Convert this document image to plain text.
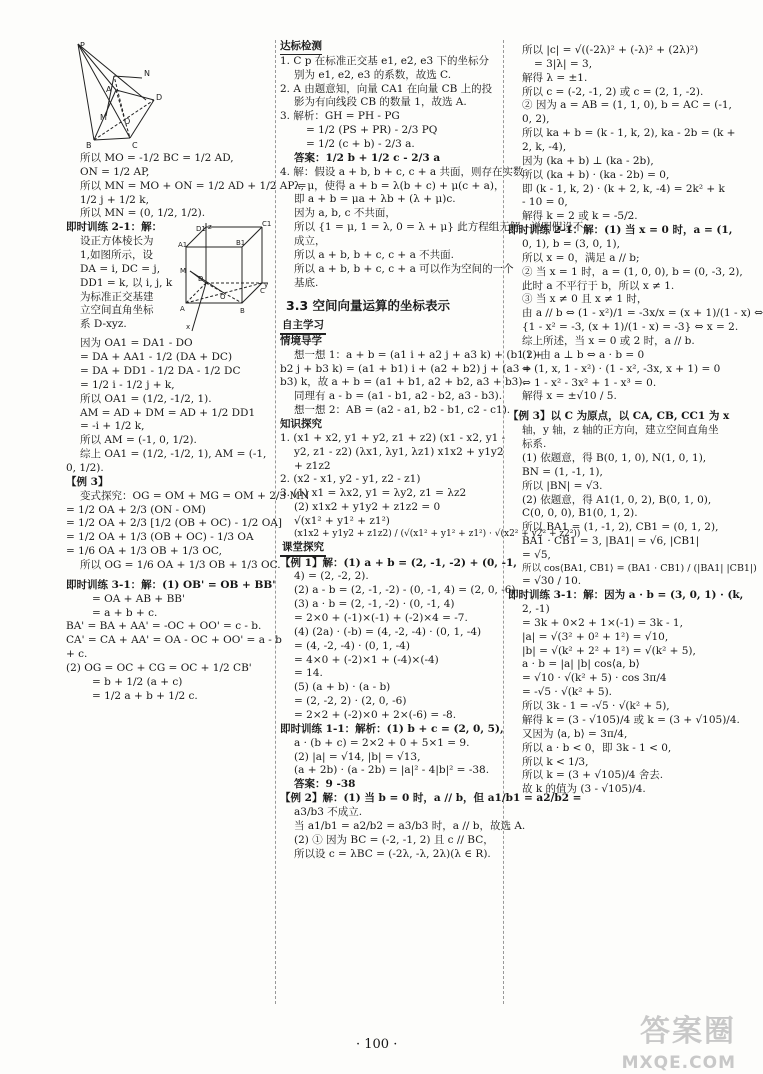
P
N
A
M
D
O
B	C
所以 MO = -1/2 BC = 1/2 AD,
ON = 1/2 AP,
所以 MN = MO + ON = 1/2 AD + 1/2 AP =
1/2 j + 1/2 k,
所以 MN = (0, 1/2, 1/2).
即时训练 2-1：解：
设正方体棱长为
1,如图所示，设
DA = i, DC = j,
DD1 = k, 以 i, j, k
为标准正交基建
立空间直角坐标
系 D-xyz.
D1
C1
A1	B1
M
D
C
y
x
O
A	B
z
因为 OA1 = DA1 - DO
= DA + AA1 - 1/2 (DA + DC)
= DA + DD1 - 1/2 DA - 1/2 DC
= 1/2 i - 1/2 j + k,
所以 OA1 = (1/2, -1/2, 1).
AM = AD + DM = AD + 1/2 DD1
= -i + 1/2 k,
所以 AM = (-1, 0, 1/2).
综上 OA1 = (1/2, -1/2, 1), AM = (-1,
0, 1/2).
【例 3】
变式探究：OG = OM + MG = OM + 2/3 MN
= 1/2 OA + 2/3 (ON - OM)
= 1/2 OA + 2/3 [1/2 (OB + OC) - 1/2 OA]
= 1/2 OA + 1/3 (OB + OC) - 1/3 OA
= 1/6 OA + 1/3 OB + 1/3 OC,
所以 OG = 1/6 OA + 1/3 OB + 1/3 OC.
即时训练 3-1：解：(1) OB' = OB + BB'
= OA + AB + BB'
= a + b + c.
BA' = BA + AA' = -OC + OO' = c - b.
CA' = CA + AA' = OA - OC + OO' = a - b
+ c.
(2) OG = OC + CG = OC + 1/2 CB'
= b + 1/2 (a + c)
= 1/2 a + b + 1/2 c.
达标检测
1. C p 在标准正交基 e1, e2, e3 下的坐标分
别为 e1, e2, e3 的系数，故选 C.
2. A 由题意知，向量 CA1 在向量 CB 上的投
影为有向线段 CB 的数量 1，故选 A.
3. 解析：GH = PH - PG
= 1/2 (PS + PR) - 2/3 PQ
= 1/2 (c + b) - 2/3 a.
答案：1/2 b + 1/2 c - 2/3 a
4. 解：假设 a + b, b + c, c + a 共面，则存在实数
λ, μ，使得 a + b = λ(b + c) + μ(c + a)，
即 a + b = μa + λb + (λ + μ)c.
因为 a, b, c 不共面，
所以 {1 = μ, 1 = λ, 0 = λ + μ} 此方程组无解，说明假设不
成立，
所以 a + b, b + c, c + a 不共面.
所以 a + b, b + c, c + a 可以作为空间的一个
基底.
3.3 空间向量运算的坐标表示
自主学习
情境导学
想一想 1：a + b = (a1 i + a2 j + a3 k) + (b1 i +
b2 j + b3 k) = (a1 + b1) i + (a2 + b2) j + (a3 +
b3) k，故 a + b = (a1 + b1, a2 + b2, a3 + b3).
同理有 a - b = (a1 - b1, a2 - b2, a3 - b3).
想一想 2：AB = (a2 - a1, b2 - b1, c2 - c1).
知识探究
1. (x1 + x2, y1 + y2, z1 + z2) (x1 - x2, y1 -
y2, z1 - z2) (λx1, λy1, λz1) x1x2 + y1y2
+ z1z2
2. (x2 - x1, y2 - y1, z2 - z1)
3. (1) x1 = λx2, y1 = λy2, z1 = λz2
(2) x1x2 + y1y2 + z1z2 = 0
√(x1² + y1² + z1²)
(x1x2 + y1y2 + z1z2) / (√(x1² + y1² + z1²) · √(x2² + y2² + z2²))
课堂探究
【例 1】解：(1) a + b = (2, -1, -2) + (0, -1,
4) = (2, -2, 2).
(2) a - b = (2, -1, -2) - (0, -1, 4) = (2, 0, -6).
(3) a · b = (2, -1, -2) · (0, -1, 4)
= 2×0 + (-1)×(-1) + (-2)×4 = -7.
(4) (2a) · (-b) = (4, -2, -4) · (0, 1, -4)
= (4, -2, -4) · (0, 1, -4)
= 4×0 + (-2)×1 + (-4)×(-4)
= 14.
(5) (a + b) · (a - b)
= (2, -2, 2) · (2, 0, -6)
= 2×2 + (-2)×0 + 2×(-6) = -8.
即时训练 1-1：解析：(1) b + c = (2, 0, 5),
a · (b + c) = 2×2 + 0 + 5×1 = 9.
(2) |a| = √14, |b| = √13,
(a + 2b) · (a - 2b) = |a|² - 4|b|² = -38.
答案：9 -38
【例 2】解：(1) 当 b = 0 时，a // b，但 a1/b1 = a2/b2 =
a3/b3 不成立.
当 a1/b1 = a2/b2 = a3/b3 时，a // b，故选 A.
(2) ① 因为 BC = (-2, -1, 2) 且 c // BC，
所以设 c = λBC = (-2λ, -λ, 2λ)(λ ∈ R).
所以 |c| = √((-2λ)² + (-λ)² + (2λ)²)
= 3|λ| = 3,
解得 λ = ±1.
所以 c = (-2, -1, 2) 或 c = (2, 1, -2).
② 因为 a = AB = (1, 1, 0), b = AC = (-1,
0, 2),
所以 ka + b = (k - 1, k, 2), ka - 2b = (k +
2, k, -4),
因为 (ka + b) ⊥ (ka - 2b),
所以 (ka + b) · (ka - 2b) = 0,
即 (k - 1, k, 2) · (k + 2, k, -4) = 2k² + k
- 10 = 0,
解得 k = 2 或 k = -5/2.
即时训练 2-1：解：(1) 当 x = 0 时，a = (1,
0, 1), b = (3, 0, 1),
所以 x = 0，满足 a // b;
② 当 x = 1 时，a = (1, 0, 0), b = (0, -3, 2),
此时 a 不平行于 b，所以 x ≠ 1.
③ 当 x ≠ 0 且 x ≠ 1 时，
由 a // b ⇔ (1 - x²)/1 = -3x/x = (x + 1)/(1 - x) ⇔
{1 - x² = -3, (x + 1)/(1 - x) = -3} ⇔ x = 2.
综上所述，当 x = 0 或 2 时，a // b.
(2) 由 a ⊥ b ⇔ a · b = 0
⇔ (1, x, 1 - x²) · (1 - x², -3x, x + 1) = 0
⇔ 1 - x² - 3x² + 1 - x³ = 0.
解得 x = ±√10 / 5.
【例 3】以 C 为原点，以 CA, CB, CC1 为 x
轴，y 轴，z 轴的正方向，建立空间直角坐
标系.
(1) 依题意，得 B(0, 1, 0), N(1, 0, 1),
BN = (1, -1, 1),
所以 |BN| = √3.
(2) 依题意，得 A1(1, 0, 2), B(0, 1, 0),
C(0, 0, 0), B1(0, 1, 2).
所以 BA1 = (1, -1, 2), CB1 = (0, 1, 2),
BA1 · CB1 = 3, |BA1| = √6, |CB1|
= √5,
所以 cos⟨BA1, CB1⟩ = (BA1 · CB1) / (|BA1| |CB1|)
= √30 / 10.
即时训练 3-1：解：因为 a · b = (3, 0, 1) · (k,
2, -1)
= 3k + 0×2 + 1×(-1) = 3k - 1,
|a| = √(3² + 0² + 1²) = √10,
|b| = √(k² + 2² + 1²) = √(k² + 5),
a · b = |a| |b| cos⟨a, b⟩
= √10 · √(k² + 5) · cos 3π/4
= -√5 · √(k² + 5).
所以 3k - 1 = -√5 · √(k² + 5),
解得 k = (3 - √105)/4 或 k = (3 + √105)/4.
又因为 ⟨a, b⟩ = 3π/4,
所以 a · b < 0，即 3k - 1 < 0,
所以 k < 1/3,
所以 k = (3 + √105)/4 舍去.
故 k 的值为 (3 - √105)/4.
· 100 ·	答案圈
MXQE.COM
